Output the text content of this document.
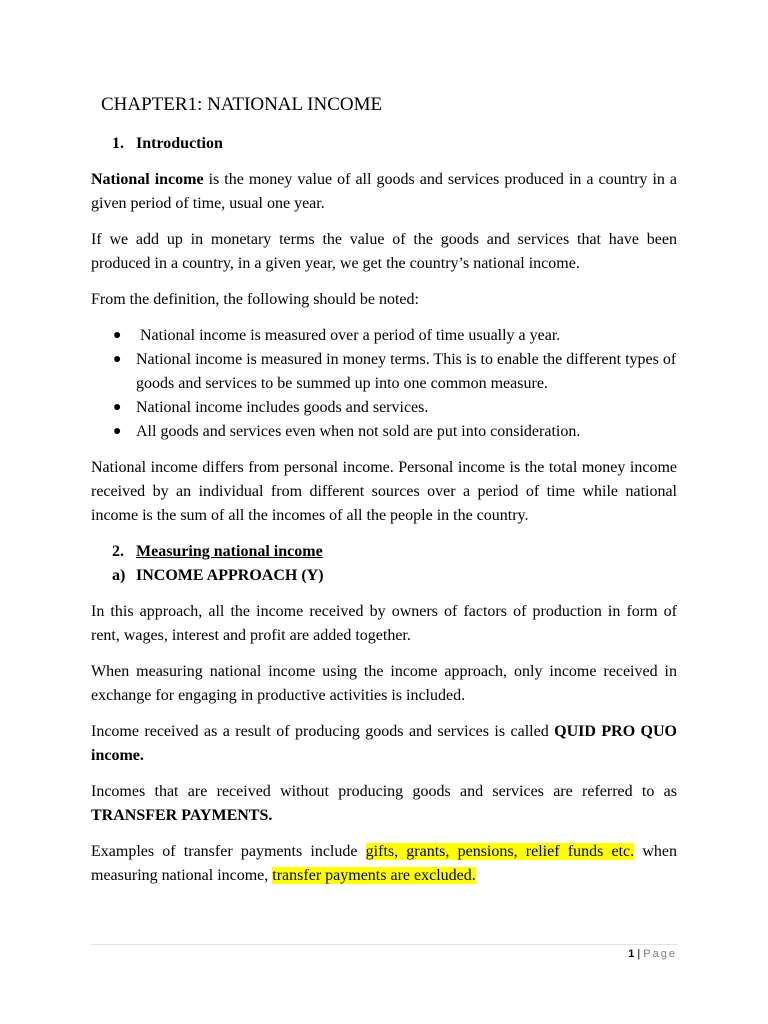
CHAPTER1: NATIONAL INCOME
1. Introduction

National income is the money value of all goods and services produced in a country in a given period of time, usual one year.

If we add up in monetary terms the value of the goods and services that have been produced in a country, in a given year, we get the country’s national income.

From the definition, the following should be noted:

● National income is measured over a period of time usually a year.
● National income is measured in money terms. This is to enable the different types of goods and services to be summed up into one common measure.
● National income includes goods and services.
● All goods and services even when not sold are put into consideration.

National income differs from personal income. Personal income is the total money income received by an individual from different sources over a period of time while national income is the sum of all the incomes of all the people in the country.

2. Measuring national income
a) INCOME APPROACH (Y)

In this approach, all the income received by owners of factors of production in form of rent, wages, interest and profit are added together.

When measuring national income using the income approach, only income received in exchange for engaging in productive activities is included.

Income received as a result of producing goods and services is called QUID PRO QUO income.

Incomes that are received without producing goods and services are referred to as TRANSFER PAYMENTS.

Examples of transfer payments include gifts, grants, pensions, relief funds etc. when measuring national income, transfer payments are excluded.

1 | Page
